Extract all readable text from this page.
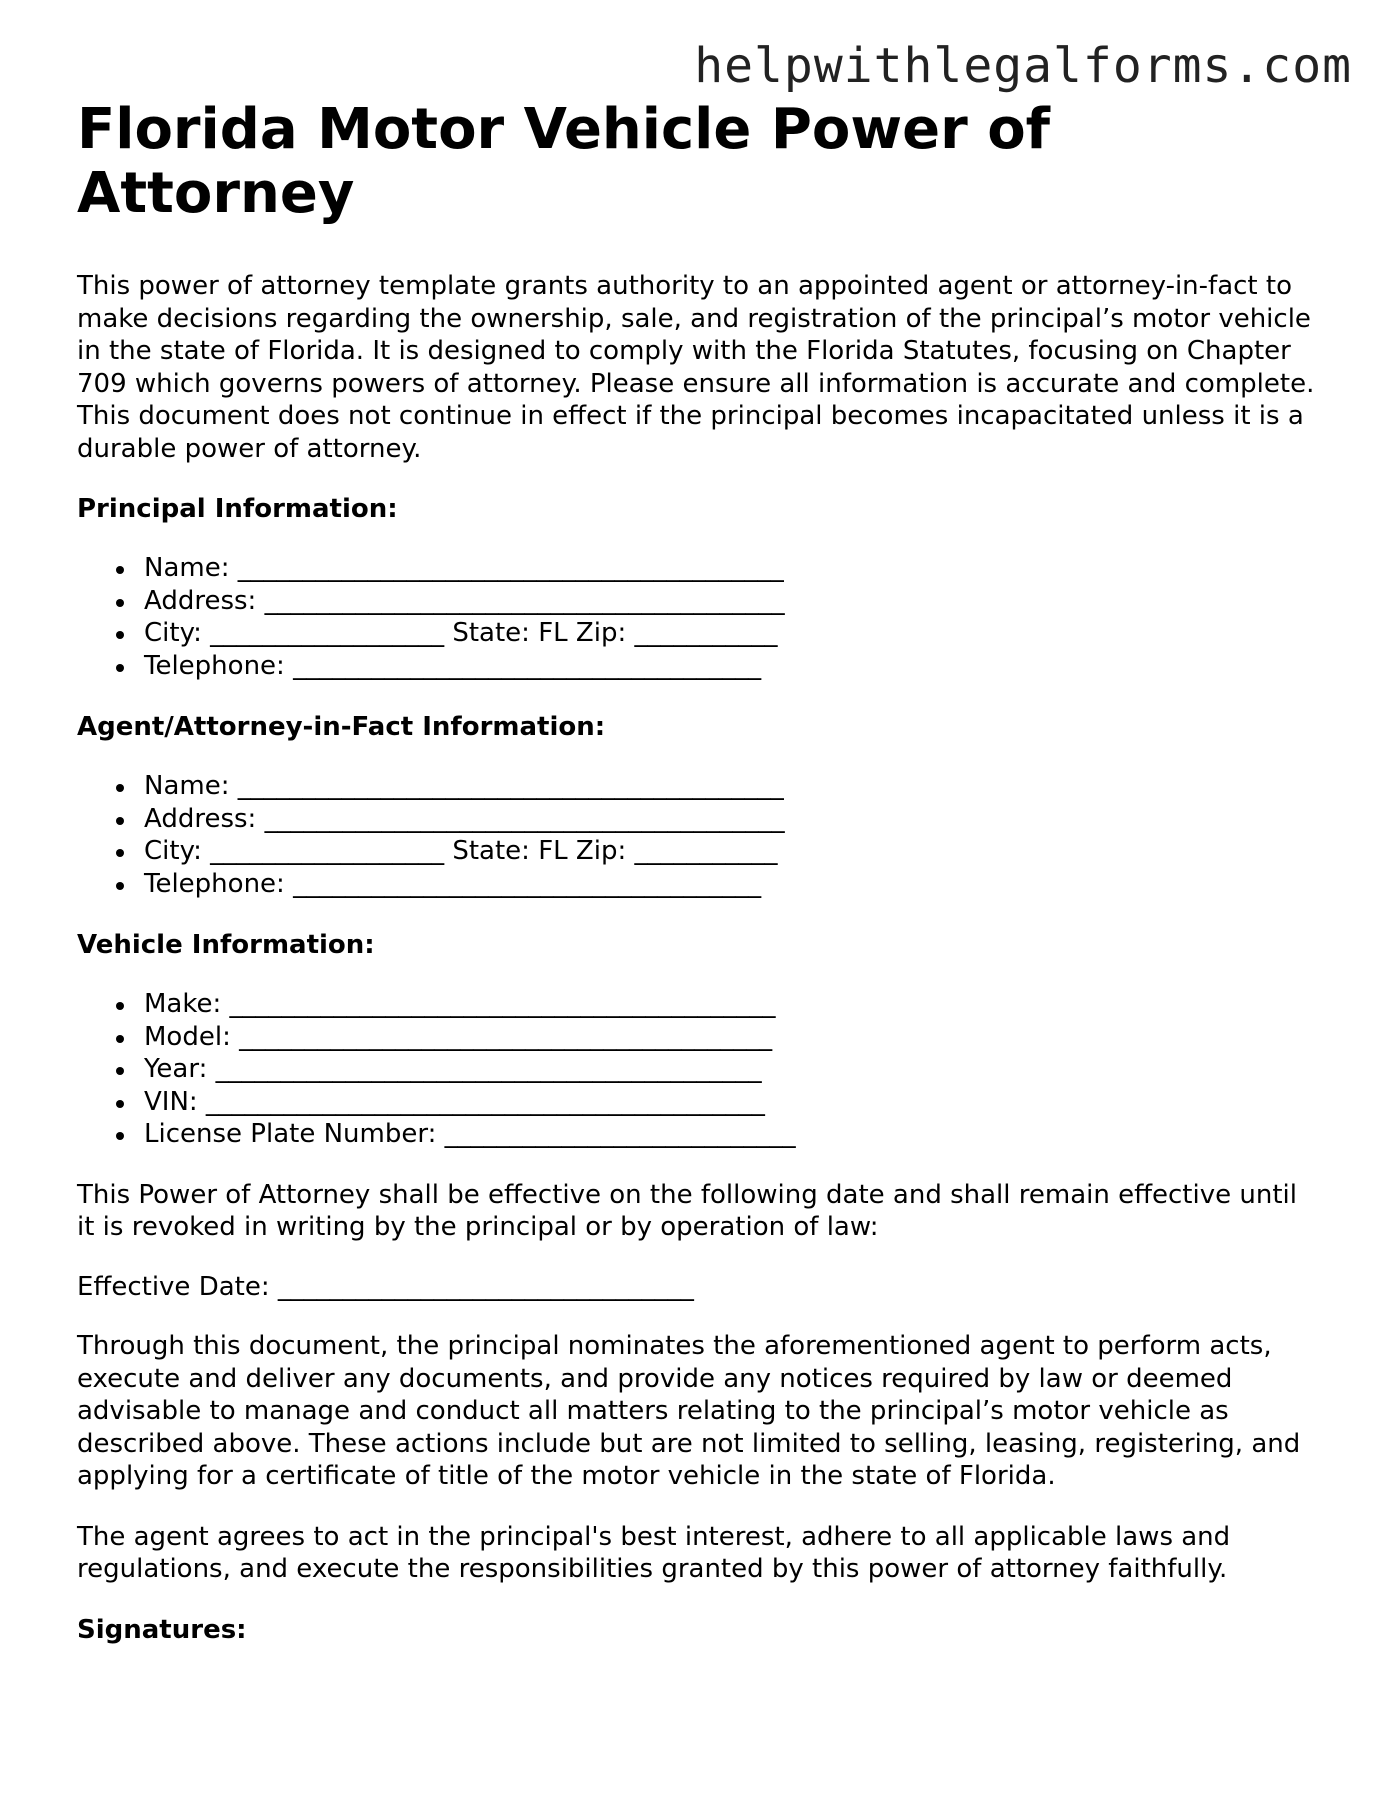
helpwithlegalforms.com
Florida Motor Vehicle Power of Attorney

This power of attorney template grants authority to an appointed agent or attorney-in-fact to make decisions regarding the ownership, sale, and registration of the principal’s motor vehicle in the state of Florida. It is designed to comply with the Florida Statutes, focusing on Chapter 709 which governs powers of attorney. Please ensure all information is accurate and complete. This document does not continue in effect if the principal becomes incapacitated unless it is a durable power of attorney.

Principal Information:
Name: __________________________________________
Address: ________________________________________
City: __________________ State: FL Zip: ___________
Telephone: ____________________________________
Agent/Attorney-in-Fact Information:
Name: __________________________________________
Address: ________________________________________
City: __________________ State: FL Zip: ___________
Telephone: ____________________________________
Vehicle Information:
Make: __________________________________________
Model: _________________________________________
Year: __________________________________________
VIN: ___________________________________________
License Plate Number: ___________________________

This Power of Attorney shall be effective on the following date and shall remain effective until it is revoked in writing by the principal or by operation of law:

Effective Date: ________________________________

Through this document, the principal nominates the aforementioned agent to perform acts, execute and deliver any documents, and provide any notices required by law or deemed advisable to manage and conduct all matters relating to the principal’s motor vehicle as described above. These actions include but are not limited to selling, leasing, registering, and applying for a certificate of title of the motor vehicle in the state of Florida.

The agent agrees to act in the principal's best interest, adhere to all applicable laws and regulations, and execute the responsibilities granted by this power of attorney faithfully.

Signatures:
